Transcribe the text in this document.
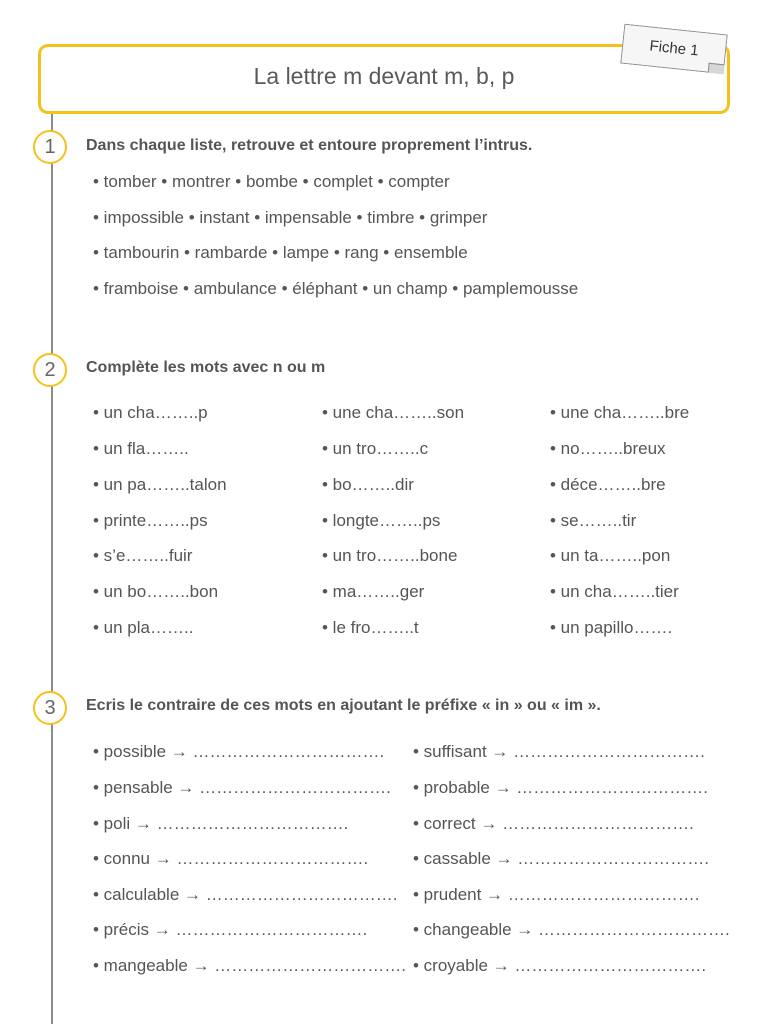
La lettre m devant m, b, p
Fiche 1
1	Dans chaque liste, retrouve et entoure proprement l’intrus.
• tomber • montrer • bombe • complet • compter
• impossible • instant • impensable • timbre • grimper
• tambourin • rambarde • lampe • rang • ensemble
• framboise • ambulance • éléphant • un champ • pamplemousse
2	Complète les mots avec n ou m
• un cha……..p
• un fla……..
• un pa……..talon
• printe……..ps
• s’e……..fuir
• un bo……..bon
• un pla……..
• une cha……..son
• un tro……..c
• bo……..dir
• longte……..ps
• un tro……..bone
• ma……..ger
• le fro……..t
• une cha……..bre
• no……..breux
• déce……..bre
• se……..tir
• un ta……..pon
• un cha……..tier
• un papillo…….
3	Ecris le contraire de ces mots en ajoutant le préfixe « in » ou « im ».
• possible → …………………………….
• pensable → …………………………….
• poli → …………………………….
• connu → …………………………….
• calculable → …………………………….
• précis → …………………………….
• mangeable → …………………………….
• suffisant → …………………………….
• probable → …………………………….
• correct → …………………………….
• cassable → …………………………….
• prudent → …………………………….
• changeable → …………………………….
• croyable → …………………………….
